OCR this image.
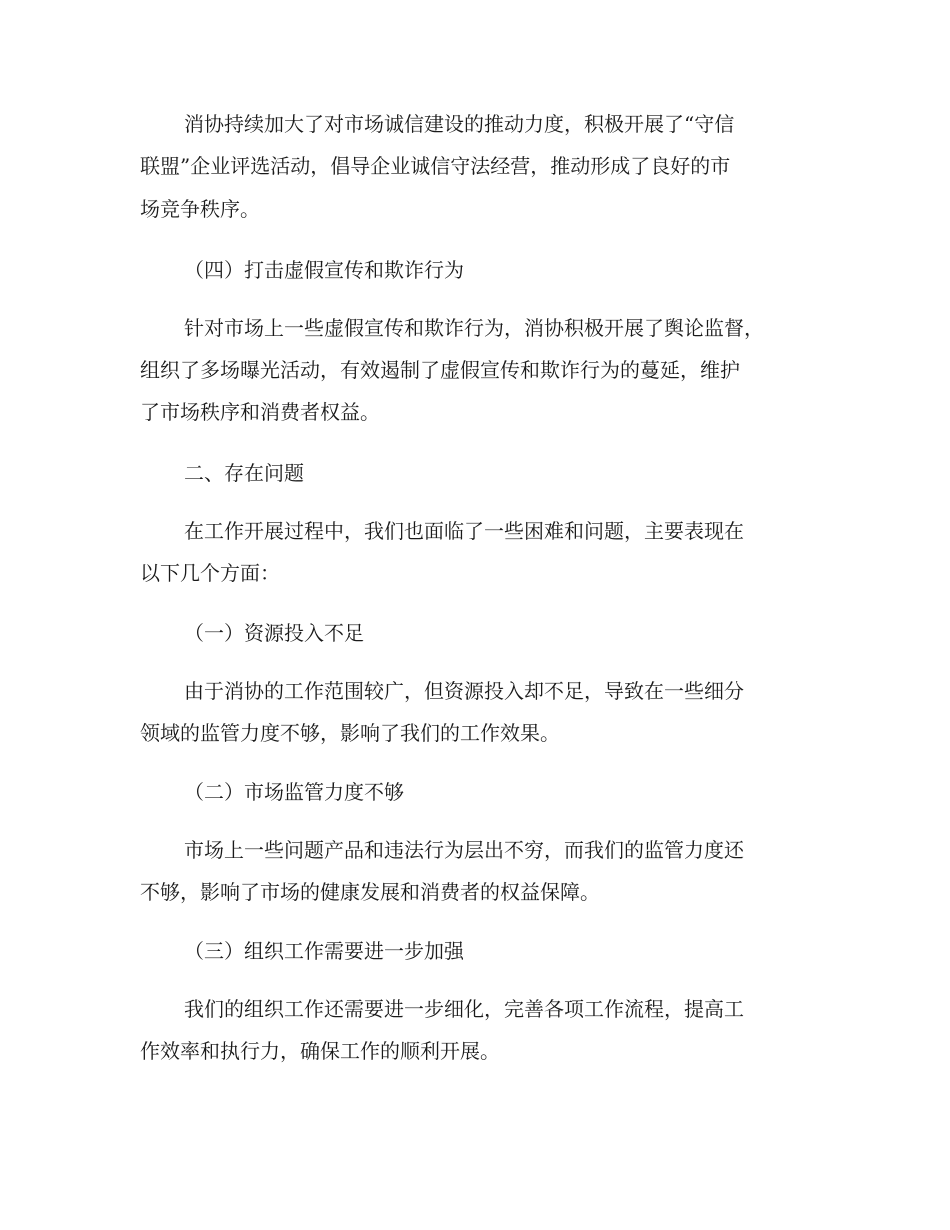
消协持续加大了对市场诚信建设的推动力度，积极开展了“守信
联盟”企业评选活动，倡导企业诚信守法经营，推动形成了良好的市
场竞争秩序。
（四）打击虚假宣传和欺诈行为
针对市场上一些虚假宣传和欺诈行为，消协积极开展了舆论监督，
组织了多场曝光活动，有效遏制了虚假宣传和欺诈行为的蔓延，维护
了市场秩序和消费者权益。
二、存在问题
在工作开展过程中，我们也面临了一些困难和问题，主要表现在
以下几个方面：
（一）资源投入不足
由于消协的工作范围较广，但资源投入却不足，导致在一些细分
领域的监管力度不够，影响了我们的工作效果。
（二）市场监管力度不够
市场上一些问题产品和违法行为层出不穷，而我们的监管力度还
不够，影响了市场的健康发展和消费者的权益保障。
（三）组织工作需要进一步加强
我们的组织工作还需要进一步细化，完善各项工作流程，提高工
作效率和执行力，确保工作的顺利开展。
